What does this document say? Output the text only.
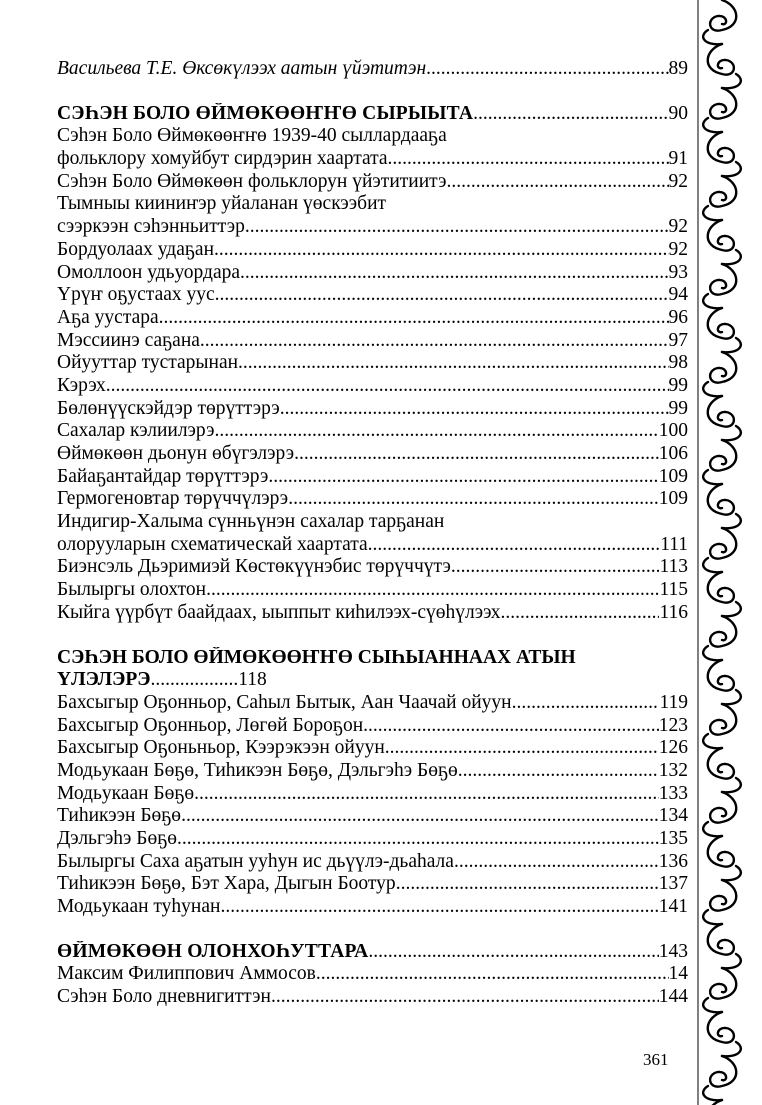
Васильева Т.Е. Өксөкүлээх аатын үйэтитэн .....	89
СЭҺЭН БОЛО ӨЙМӨКӨӨҤҤӨ СЫРЫЫТА .....	90
Сэһэн Боло Өймөкөөҥҥө 1939-40 сыллардааҕа
фольклору хомуйбут сирдэрин хаартата .....	91
Сэһэн Боло Өймөкөөн фольклорун үйэтитиитэ .....	92
Тымныы кииниҥэр уйаланан үөскээбит
сээркээн сэһэнньиттэр .....	92
Бордуолаах удаҕан .....	92
Омоллоон удьуордара .....	93
Үрүҥ оҕустаах уус .....	94
Аҕа уустара .....	96
Мэссиинэ саҕана .....	97
Ойууттар тустарынан .....	98
Кэрэх .....	99
Бөлөнүүскэйдэр төрүттэрэ .....	99
Сахалар кэлиилэрэ .....	100
Өймөкөөн дьонун өбүгэлэрэ .....	106
Байаҕантайдар төрүттэрэ .....	109
Гермогеновтар төрүччүлэрэ .....	109
Индигир-Халыма сүнньүнэн сахалар тарҕанан
олорууларын схематическай хаартата .....	111
Биэнсэль Дьэримиэй Көстөкүүнэбис төрүччүтэ .....	113
Былыргы олохтон .....	115
Кыйга үүрбүт баайдаах, ыыппыт киһилээх-сүөһүлээх .....	116
СЭҺЭН БОЛО ӨЙМӨКӨӨҤҤӨ СЫҺЫАННААХ АТЫН
ҮЛЭЛЭРЭ ..................118
Бахсыгыр Оҕонньор, Саһыл Бытык, Аан Чаачай ойуун .....	119
Бахсыгыр Оҕонньор, Лөгөй Бороҕон .....	123
Бахсыгыр Оҕоньньор, Кээрэкээн ойуун .....	126
Модьукаан Бөҕө, Тиһикээн Бөҕө, Дэльгэһэ Бөҕө .....	132
Модьукаан Бөҕө .....	133
Тиһикээн Бөҕө .....	134
Дэльгэһэ Бөҕө .....	135
Былыргы Саха аҕатын ууһун ис дьүүлэ-дьаһала .....	136
Тиһикээн Бөҕө, Бэт Хара, Дыгын Боотур .....	137
Модьукаан туһунан .....	141
ӨЙМӨКӨӨН ОЛОНХОҺУТТАРА .....	143
Максим Филиппович Аммосов .....	14
Сэһэн Боло дневнигиттэн .....	144
361
